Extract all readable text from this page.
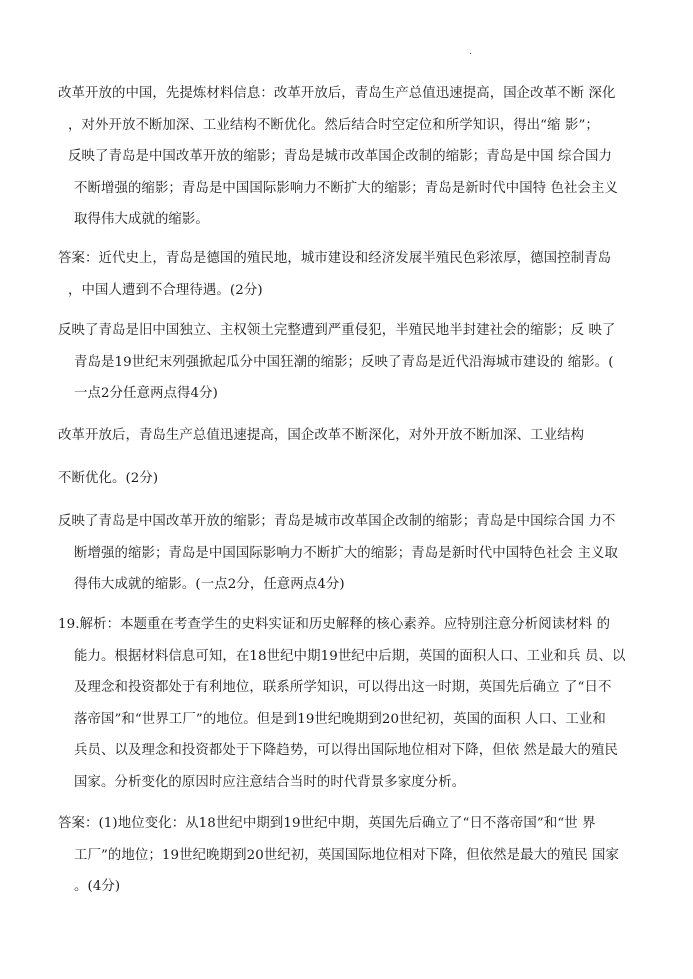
·
改革开放的中国，先提炼材料信息：改革开放后，青岛生产总值迅速提高，国企改革不断 深化
，对外开放不断加深、工业结构不断优化。然后结合时空定位和所学知识，得出“缩 影”；
反映了青岛是中国改革开放的缩影；青岛是城市改革国企改制的缩影；青岛是中国 综合国力
不断增强的缩影；青岛是中国国际影响力不断扩大的缩影；青岛是新时代中国特 色社会主义
取得伟大成就的缩影。
答案：近代史上，青岛是德国的殖民地，城市建设和经济发展半殖民色彩浓厚，德国控制青岛
，中国人遭到不合理待遇。(2分)
反映了青岛是旧中国独立、主权领土完整遭到严重侵犯，半殖民地半封建社会的缩影；反 映了
青岛是19世纪末列强掀起瓜分中国狂潮的缩影；反映了青岛是近代沿海城市建设的 缩影。(
一点2分任意两点得4分)
改革开放后，青岛生产总值迅速提高，国企改革不断深化，对外开放不断加深、工业结构
不断优化。(2分)
反映了青岛是中国改革开放的缩影；青岛是城市改革国企改制的缩影；青岛是中国综合国 力不
断增强的缩影；青岛是中国国际影响力不断扩大的缩影；青岛是新时代中国特色社会 主义取
得伟大成就的缩影。(一点2分，任意两点4分)
19.解析：本题重在考查学生的史料实证和历史解释的核心素养。应特别注意分析阅读材料 的
能力。根据材料信息可知，在18世纪中期19世纪中后期，英国的面积人口、工业和兵 员、以
及理念和投资都处于有利地位，联系所学知识，可以得出这一时期，英国先后确立 了“日不
落帝国”和“世界工厂”的地位。但是到19世纪晚期到20世纪初，英国的面积 人口、工业和
兵员、以及理念和投资都处于下降趋势，可以得出国际地位相对下降，但依 然是最大的殖民
国家。分析变化的原因时应注意结合当时的时代背景多家度分析。
答案：(1)地位变化：从18世纪中期到19世纪中期，英国先后确立了“日不落帝国”和“世 界
工厂”的地位；19世纪晚期到20世纪初，英国国际地位相对下降，但依然是最大的殖民 国家
。(4分)
